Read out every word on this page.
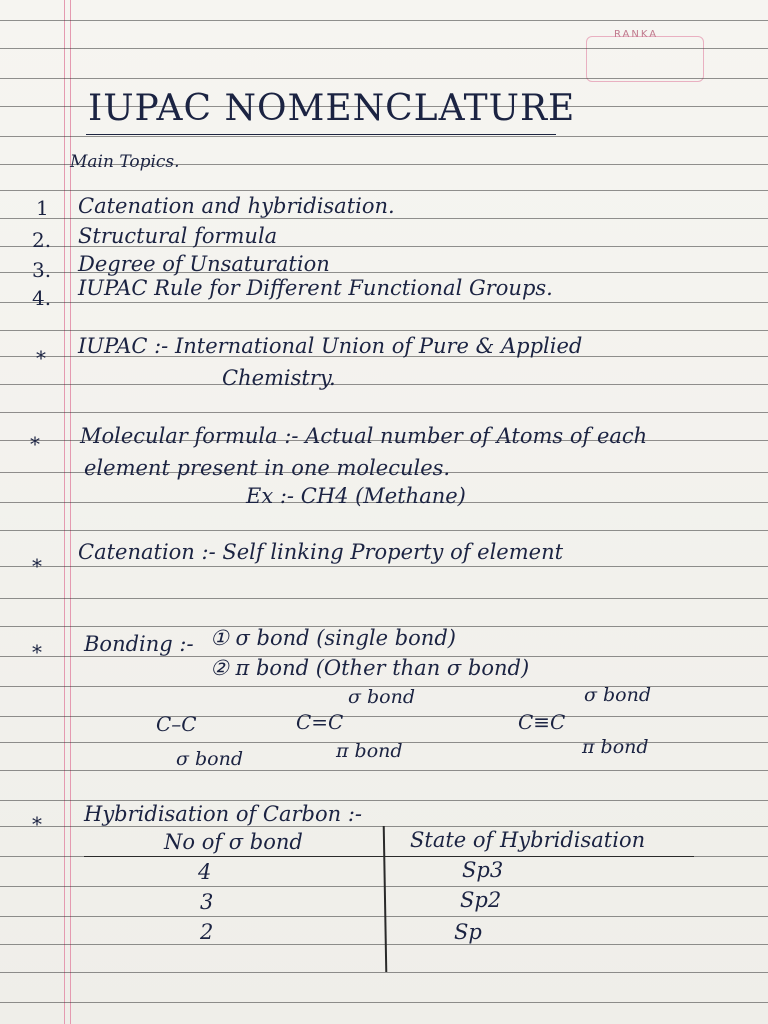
RANKA
IUPAC NOMENCLATURE
Main Topics.
1 Catenation and hybridisation.
2. Structural formula
3. Degree of Unsaturation
4. IUPAC Rule for Different Functional Groups.
* IUPAC :- International Union of Pure & Applied
Chemistry.
* Molecular formula :- Actual number of Atoms of each
element present in one molecules.
Ex :- CH4 (Methane)
*
Catenation :- Self linking Property of element
* Bonding :- ① σ bond (single bond)
② π bond (Other than σ bond)
C–C
σ bond
σ bond
C=C
π bond
σ bond
C≡C
π bond
* Hybridisation of Carbon :-
No of σ bond	State of Hybridisation
4	Sp3
3	Sp2
2	Sp
